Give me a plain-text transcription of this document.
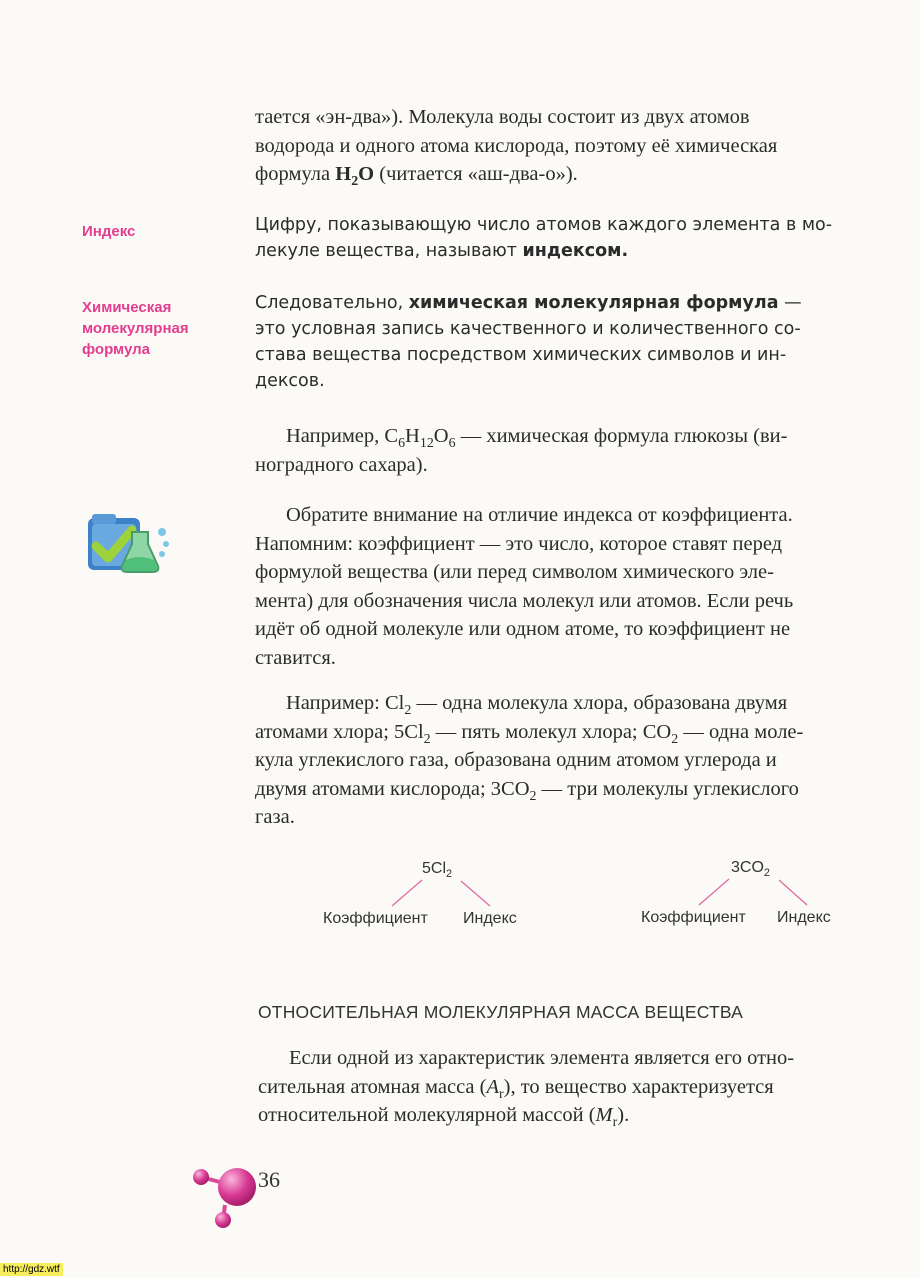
тается «эн-два»). Молекула воды состоит из двух атомов
водорода и одного атома кислорода, поэтому её химическая
формула $H_2O$ (читается «аш-два-о»).
Индекс	Цифру, показывающую число атомов каждого элемента в мо-
лекуле вещества, называют индексом.
Химическая
молекулярная
формула
Следовательно, химическая молекулярная формула —
это условная запись качественного и количественного со-
става вещества посредством химических символов и ин-
дексов.
Например, $C_6H_{12}O_6$ — химическая формула глюкозы (ви-
ноградного сахара).
Обратите внимание на отличие индекса от коэффициента.
Напомним: коэффициент — это число, которое ставят перед
формулой вещества (или перед символом химического эле-
мента) для обозначения числа молекул или атомов. Если речь
идёт об одной молекуле или одном атоме, то коэффициент не
ставится.
Например: $Cl_2$ — одна молекула хлора, образована двумя
атомами хлора; $5Cl_2$ — пять молекул хлора; $CO_2$ — одна моле-
кула углекислого газа, образована одним атомом углерода и
двумя атомами кислорода; $3CO_2$ — три молекулы углекислого
газа.
$5Cl_2$
Коэффициент Индекс
$3CO_2$
Коэффициент Индекс
ОТНОСИТЕЛЬНАЯ МОЛЕКУЛЯРНАЯ МАССА ВЕЩЕСТВА
Если одной из характеристик элемента является его отно-
сительная атомная масса $(A_r)$, то вещество характеризуется
относительной молекулярной массой $(M_r)$.
36
http://gdz.wtf
